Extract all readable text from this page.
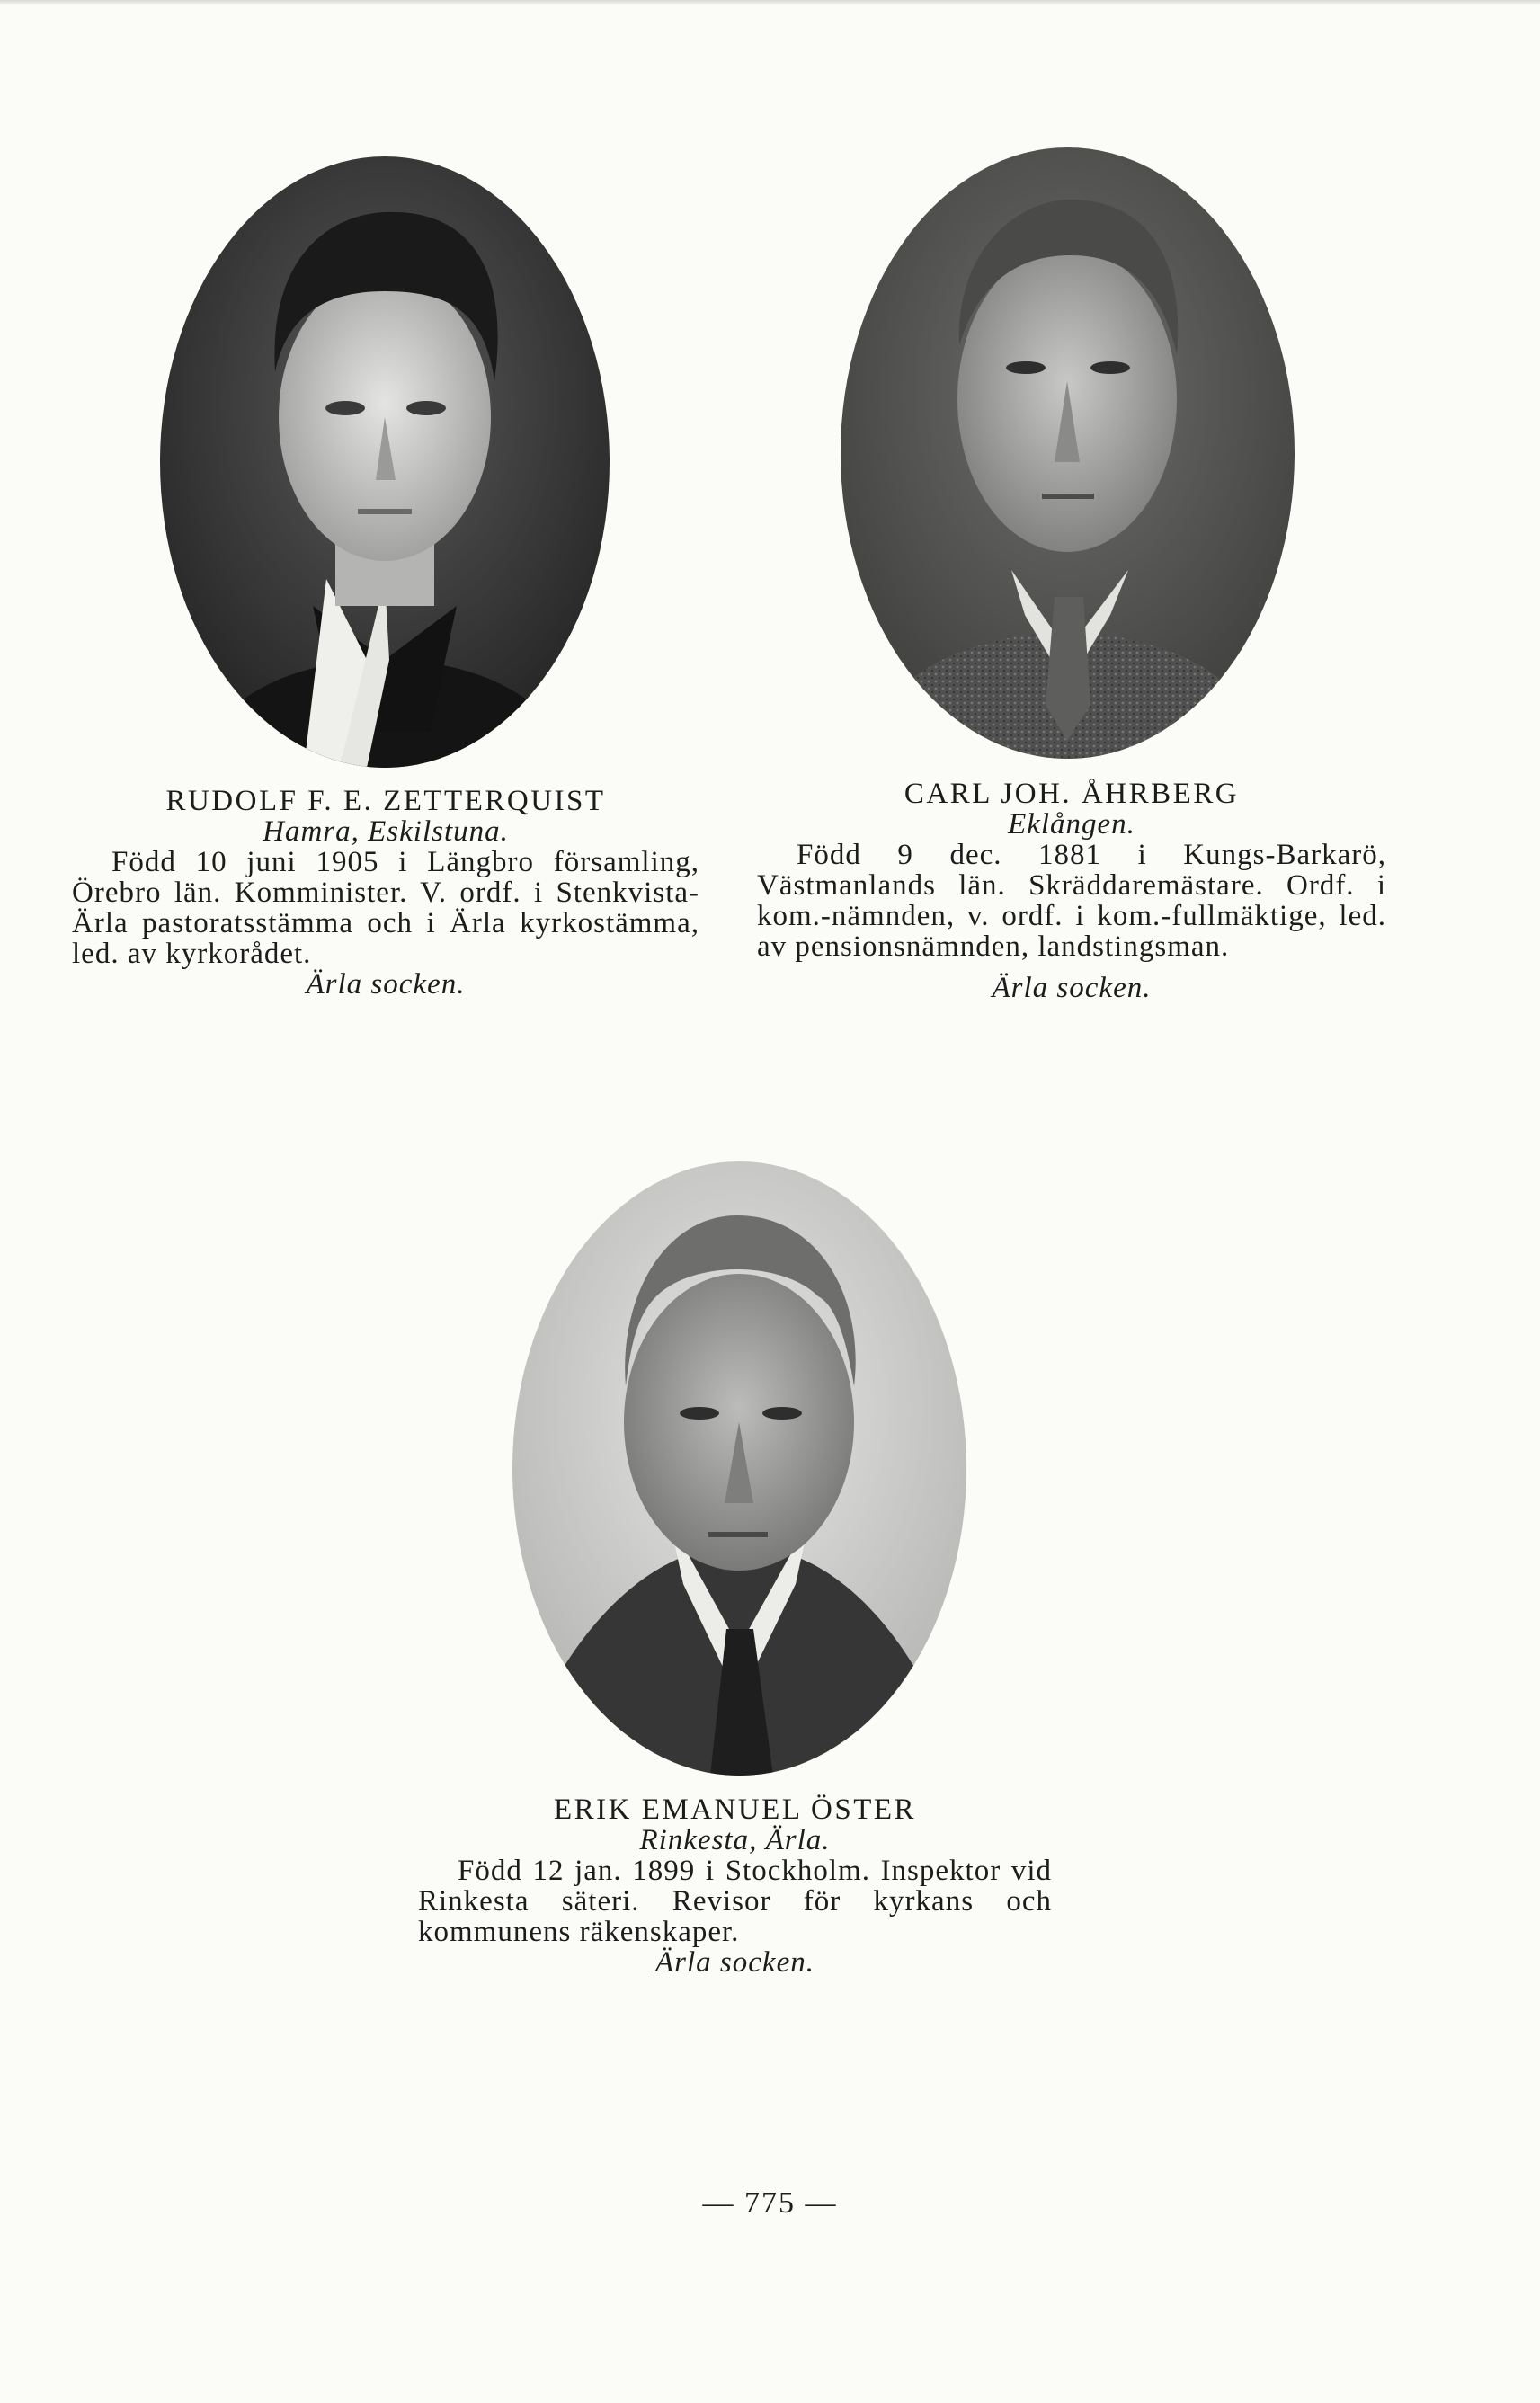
RUDOLF F. E. ZETTERQUIST
Hamra, Eskilstuna.
Född 10 juni 1905 i Längbro församling, Örebro län. Komminister. V. ordf. i Stenkvista-Ärla pastoratsstämma och i Ärla kyrkostämma, led. av kyrkorådet.
Ärla socken.
CARL JOH. ÅHRBERG
Eklången.
Född 9 dec. 1881 i Kungs-Barkarö, Västmanlands län. Skräddaremästare. Ordf. i kom.-nämnden, v. ordf. i kom.-fullmäktige, led. av pensionsnämnden, landstingsman.
Ärla socken.
ERIK EMANUEL ÖSTER
Rinkesta, Ärla.
Född 12 jan. 1899 i Stockholm. Inspektor vid Rinkesta säteri. Revisor för kyrkans och kommunens räkenskaper.
Ärla socken.
— 775 —
